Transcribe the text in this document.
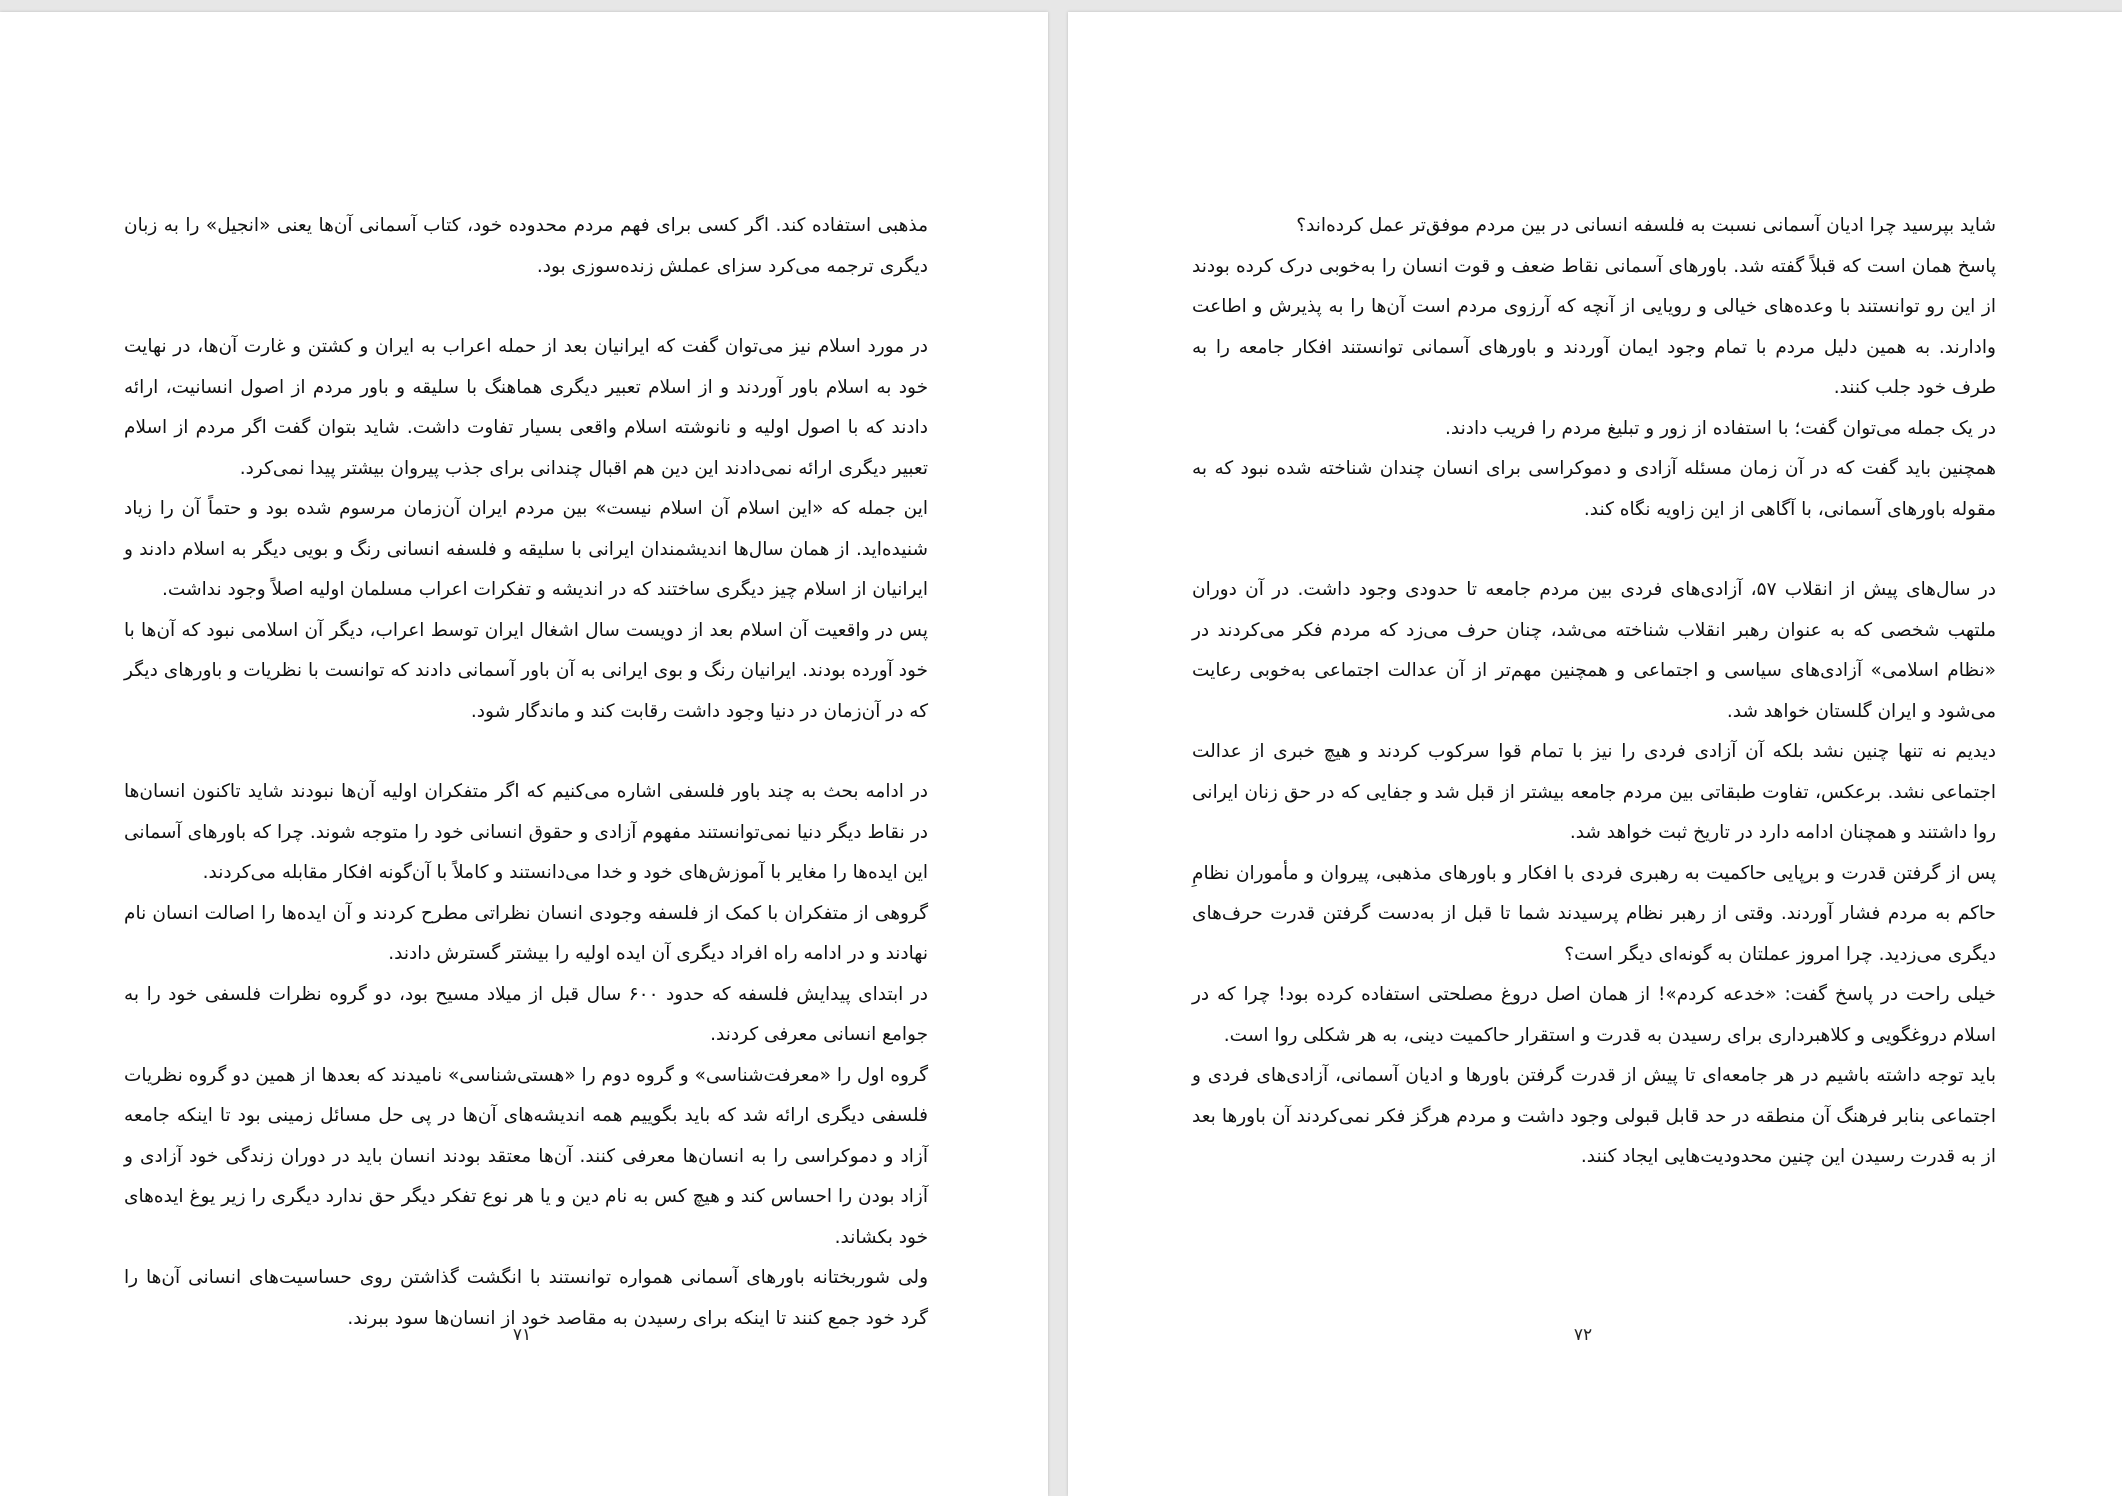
مذهبی استفاده کند. اگر کسی برای فهم مردم محدوده خود، کتاب آسمانی آن‌ها یعنی «انجیل» را به زبان دیگری ترجمه می‌کرد سزای عملش زنده‌سوزی بود.

در مورد اسلام نیز می‌توان گفت که ایرانیان بعد از حمله اعراب به ایران و کشتن و غارت آن‌ها، در نهایت خود به اسلام باور آوردند و از اسلام تعبیر دیگری هماهنگ با سلیقه و باور مردم از اصول انسانیت، ارائه دادند که با اصول اولیه و نانوشته اسلام واقعی بسیار تفاوت داشت. شاید بتوان گفت اگر مردم از اسلام تعبیر دیگری ارائه نمی‌دادند این دین هم اقبال چندانی برای جذب پیروان بیشتر پیدا نمی‌کرد.

این جمله که «این اسلام آن اسلام نیست» بین مردم ایران آن‌زمان مرسوم شده بود و حتماً آن را زیاد شنیده‌اید. از همان سال‌ها اندیشمندان ایرانی با سلیقه و فلسفه انسانی رنگ و بویی دیگر به اسلام دادند و ایرانیان از اسلام چیز دیگری ساختند که در اندیشه و تفکرات اعراب مسلمان اولیه اصلاً وجود نداشت.

پس در واقعیت آن اسلام بعد از دویست سال اشغال ایران توسط اعراب، دیگر آن اسلامی نبود که آن‌ها با خود آورده بودند. ایرانیان رنگ و بوی ایرانی به آن باور آسمانی دادند که توانست با نظریات و باورهای دیگر که در آن‌زمان در دنیا وجود داشت رقابت کند و ماندگار شود.

در ادامه بحث به چند باور فلسفی اشاره می‌کنیم که اگر متفکران اولیه آن‌ها نبودند شاید تاکنون انسان‌ها در نقاط دیگر دنیا نمی‌توانستند مفهوم آزادی و حقوق انسانی خود را متوجه شوند. چرا که باورهای آسمانی این ایده‌ها را مغایر با آموزش‌های خود و خدا می‌دانستند و کاملاً با آن‌گونه افکار مقابله می‌کردند.

گروهی از متفکران با کمک از فلسفه وجودی انسان نظراتی مطرح کردند و آن ایده‌ها را اصالت انسان نام نهادند و در ادامه راه افراد دیگری آن ایده اولیه را بیشتر گسترش دادند.

در ابتدای پیدایش فلسفه که حدود ۶۰۰ سال قبل از میلاد مسیح بود، دو گروه نظرات فلسفی خود را به جوامع انسانی معرفی کردند.

گروه اول را «معرفت‌شناسی» و گروه دوم را «هستی‌شناسی» نامیدند که بعدها از همین دو گروه نظریات فلسفی دیگری ارائه شد که باید بگوییم همه اندیشه‌های آن‌ها در پی حل مسائل زمینی بود تا اینکه جامعه آزاد و دموکراسی را به انسان‌ها معرفی کنند. آن‌ها معتقد بودند انسان باید در دوران زندگی خود آزادی و آزاد بودن را احساس کند و هیچ کس به نام دین و یا هر نوع تفکر دیگر حق ندارد دیگری را زیر یوغ ایده‌های خود بکشاند.

ولی شوربختانه باورهای آسمانی همواره توانستند با انگشت گذاشتن روی حساسیت‌های انسانی آن‌ها را گرد خود جمع کنند تا اینکه برای رسیدن به مقاصد خود از انسان‌ها سود ببرند.

۷۱

شاید بپرسید چرا ادیان آسمانی نسبت به فلسفه انسانی در بین مردم موفق‌تر عمل کرده‌اند؟

پاسخ همان است که قبلاً گفته شد. باورهای آسمانی نقاط ضعف و قوت انسان را به‌خوبی درک کرده بودند از این رو توانستند با وعده‌های خیالی و رویایی از آنچه که آرزوی مردم است آن‌ها را به پذیرش و اطاعت وادارند. به همین دلیل مردم با تمام وجود ایمان آوردند و باورهای آسمانی توانستند افکار جامعه را به طرف خود جلب کنند.

در یک جمله می‌توان گفت؛ با استفاده از زور و تبلیغ مردم را فریب دادند.

همچنین باید گفت که در آن زمان مسئله آزادی و دموکراسی برای انسان چندان شناخته شده نبود که به مقوله باورهای آسمانی، با آگاهی از این زاویه نگاه کند.

در سال‌های پیش از انقلاب ۵۷، آزادی‌های فردی بین مردم جامعه تا حدودی وجود داشت. در آن دوران ملتهب شخصی که به عنوان رهبر انقلاب شناخته می‌شد، چنان حرف می‌زد که مردم فکر می‌کردند در «نظام اسلامی» آزادی‌های سیاسی و اجتماعی و همچنین مهم‌تر از آن عدالت اجتماعی به‌خوبی رعایت می‌شود و ایران گلستان خواهد شد.

دیدیم نه تنها چنین نشد بلکه آن آزادی فردی را نیز با تمام قوا سرکوب کردند و هیچ خبری از عدالت اجتماعی نشد. برعکس، تفاوت طبقاتی بین مردم جامعه بیشتر از قبل شد و جفایی که در حق زنان ایرانی روا داشتند و همچنان ادامه دارد در تاریخ ثبت خواهد شد.

پس از گرفتن قدرت و برپایی حاکمیت به رهبری فردی با افکار و باورهای مذهبی، پیروان و مأموران نظامِ حاکم به مردم فشار آوردند. وقتی از رهبر نظام پرسیدند شما تا قبل از به‌دست گرفتن قدرت حرف‌های دیگری می‌زدید. چرا امروز عملتان به گونه‌ای دیگر است؟

خیلی راحت در پاسخ گفت: «خدعه کردم»! از همان اصل دروغ مصلحتی استفاده کرده بود! چرا که در اسلام دروغگویی و کلاهبرداری برای رسیدن به قدرت و استقرار حاکمیت دینی، به هر شکلی روا است.

باید توجه داشته باشیم در هر جامعه‌ای تا پیش از قدرت گرفتن باورها و ادیان آسمانی، آزادی‌های فردی و اجتماعی بنابر فرهنگ آن منطقه در حد قابل قبولی وجود داشت و مردم هرگز فکر نمی‌کردند آن باورها بعد از به قدرت رسیدن این چنین محدودیت‌هایی ایجاد کنند.

۷۲
